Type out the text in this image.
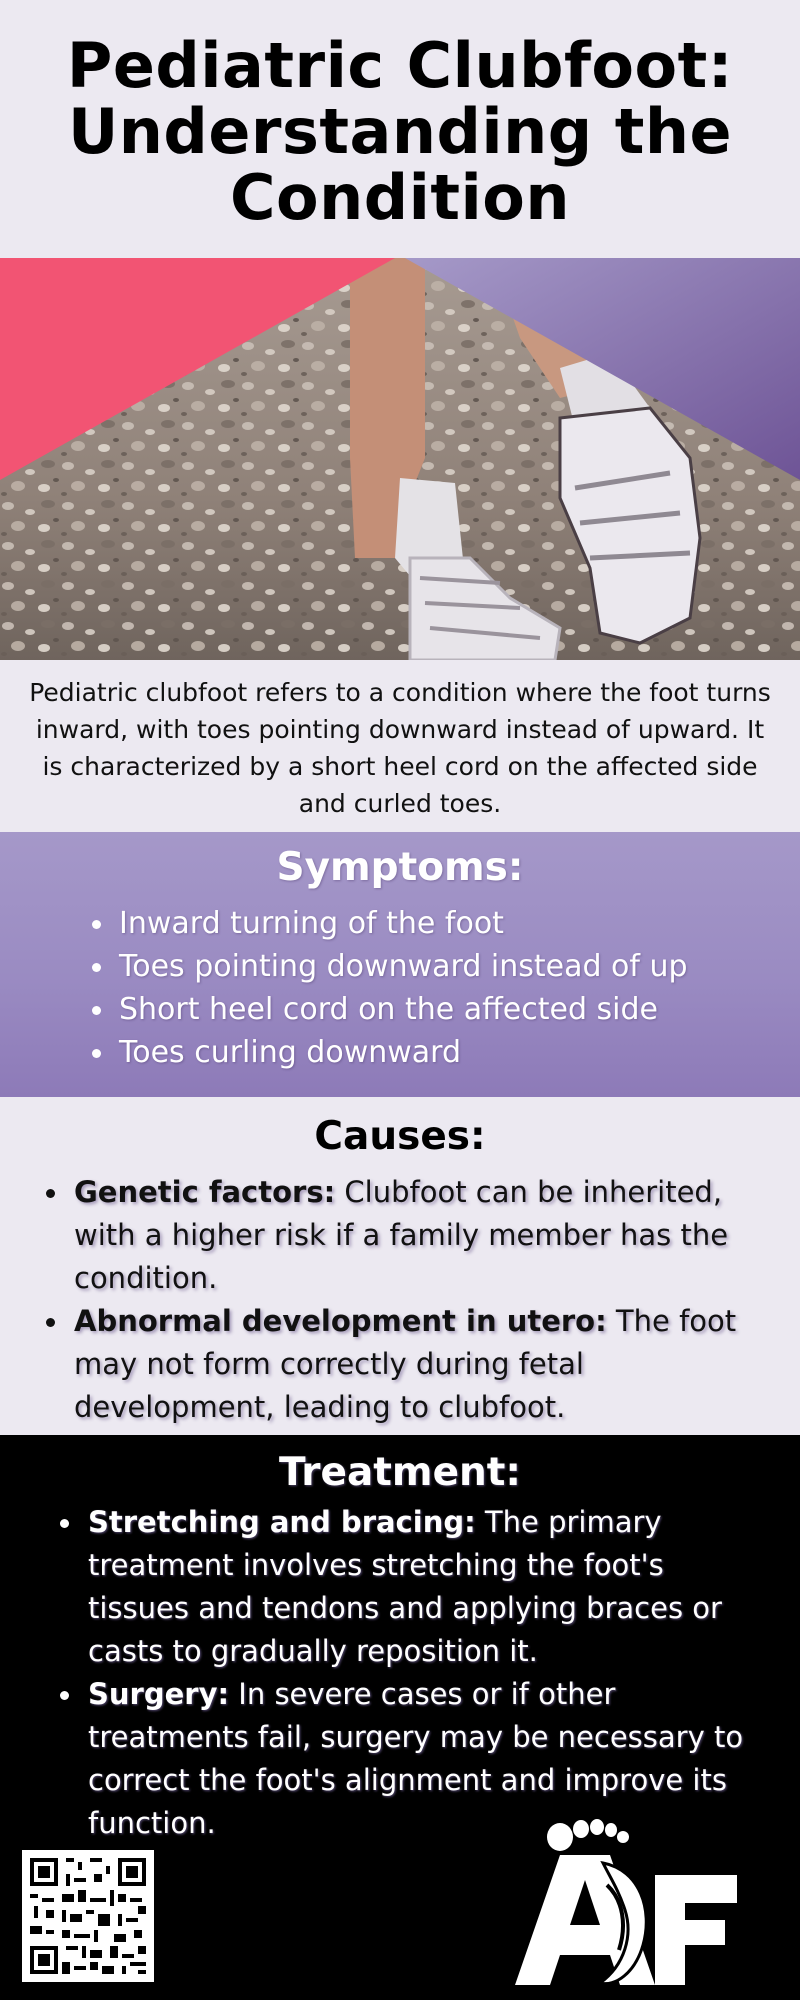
Pediatric Clubfoot: Understanding the Condition
Pediatric clubfoot refers to a condition where the foot turns inward, with toes pointing downward instead of upward. It is characterized by a short heel cord on the affected side and curled toes.
Symptoms:
Inward turning of the foot
Toes pointing downward instead of up
Short heel cord on the affected side
Toes curling downward
Causes:
Genetic factors: Clubfoot can be inherited, with a higher risk if a family member has the condition.
Abnormal development in utero: The foot may not form correctly during fetal development, leading to clubfoot.
Treatment:
Stretching and bracing: The primary treatment involves stretching the foot's tissues and tendons and applying braces or casts to gradually reposition it.
Surgery: In severe cases or if other treatments fail, surgery may be necessary to correct the foot's alignment and improve its function.
